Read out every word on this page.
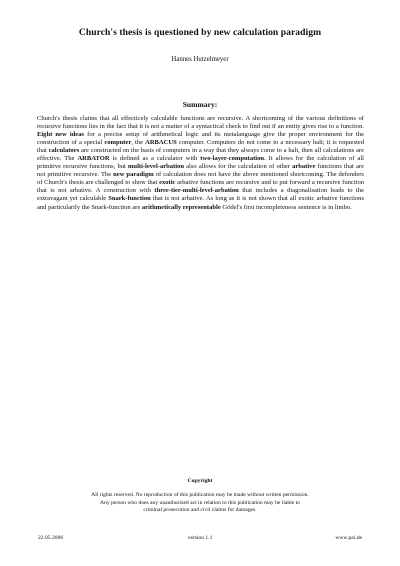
Church's thesis is questioned by new calculation paradigm
Hannes Hutzelmeyer
Summary:
Church's thesis claims that all effecticely calculable functions are recursive. A shortcoming of the various definitions of recursive functions lies in the fact that it is not a matter of a syntactical check to find out if an entity gives rise to a function. Eight new ideas for a precise setup of arithmetical logic and its metalanguage give the proper environment for the construction of a special computer, the ARBACUS computer. Computers do not come to a necessary halt; it is requested that calculators are constructed on the basis of computers in a way that they always come to a halt, then all calculations are effective. The ARBATOR is defined as a calculator with two-layer-computation. It allows for the calculation of all primitive recursive functions, but multi-level-arbation also allows for the calculation of other arbative functions that are not primitive recursive. The new paradigm of calculation does not have the above mentioned shortcoming. The defenders of Church's thesis are challenged to show that exotic arbative functions are recursive and to put forward a recursive function that is not arbative. A construction with three-tier-multi-level-arbation that includes a diagonalisation leads to the extravagant yet calculable Snark-function that is not arbative. As long as it is not shown that all exotic arbative functions and particularily the Snark-function are arithmetically representable Gödel's first incompleteness sentence is in limbo.
Copyright
All rights reserved. No reproduction of this publication may be made without written permission.
Any person who does any unauthorized act in relation to this publication may be liable to
criminal prosecution and civil claims for damages.
22.05.2006	version 1.1	www.pai.de
